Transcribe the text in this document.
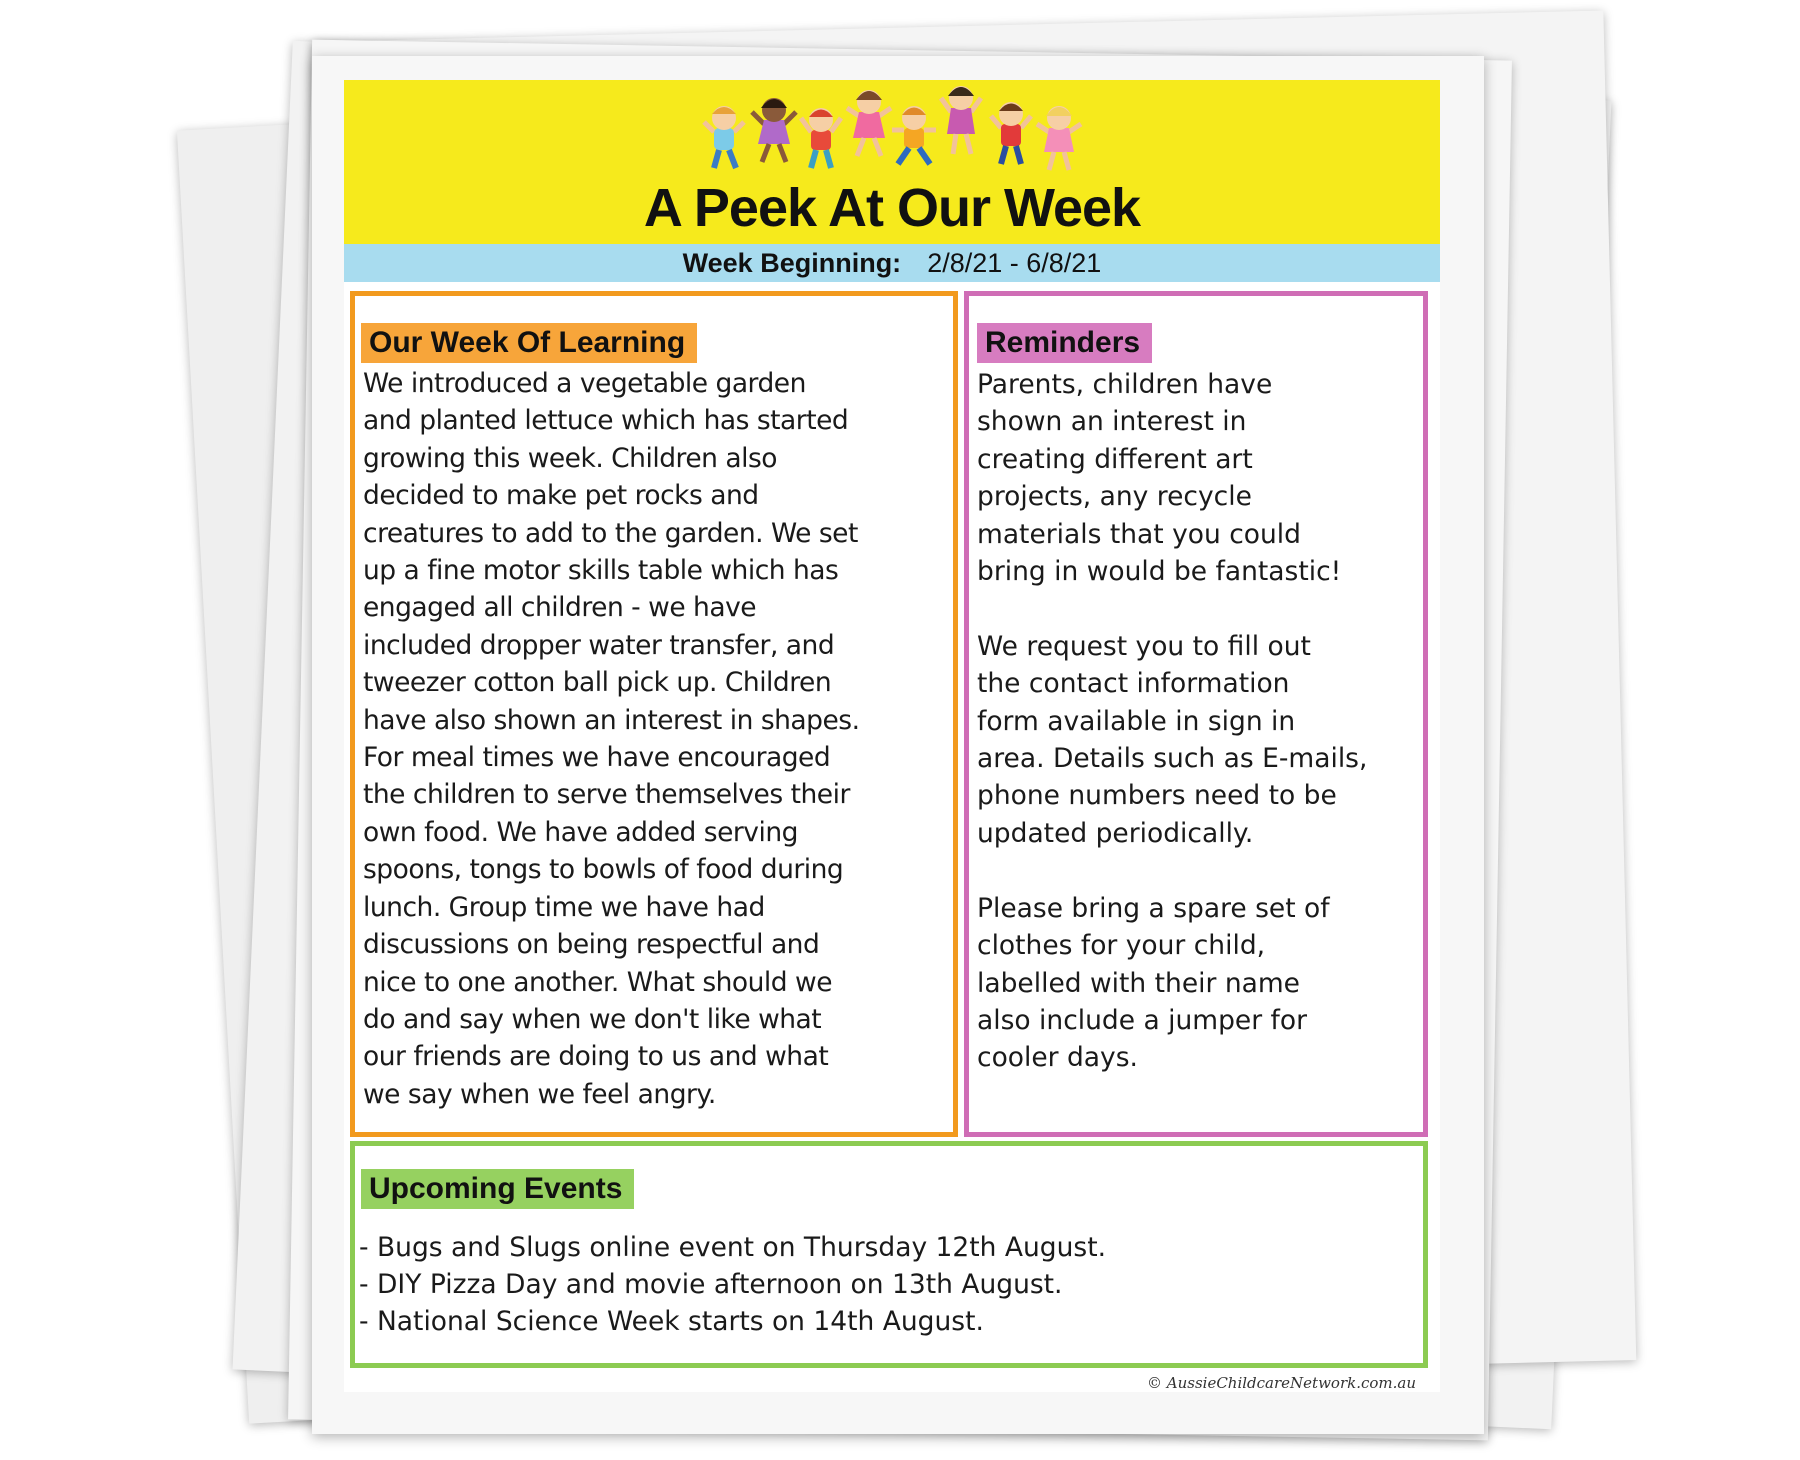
A Peek At Our Week
Week Beginning: 2/8/21 - 6/8/21
Our Week Of Learning
We introduced a vegetable garden
and planted lettuce which has started
growing this week. Children also
decided to make pet rocks and
creatures to add to the garden. We set
up a fine motor skills table which has
engaged all children - we have
included dropper water transfer, and
tweezer cotton ball pick up. Children
have also shown an interest in shapes.
For meal times we have encouraged
the children to serve themselves their
own food. We have added serving
spoons, tongs to bowls of food during
lunch. Group time we have had
discussions on being respectful and
nice to one another. What should we
do and say when we don't like what
our friends are doing to us and what
we say when we feel angry.
Reminders
Parents, children have
shown an interest in
creating different art
projects, any recycle
materials that you could
bring in would be fantastic!

We request you to fill out
the contact information
form available in sign in
area. Details such as E-mails,
phone numbers need to be
updated periodically.

Please bring a spare set of
clothes for your child,
labelled with their name
also include a jumper for
cooler days.
Upcoming Events
- Bugs and Slugs online event on Thursday 12th August.
- DIY Pizza Day and movie afternoon on 13th August.
- National Science Week starts on 14th August.
© AussieChildcareNetwork.com.au
